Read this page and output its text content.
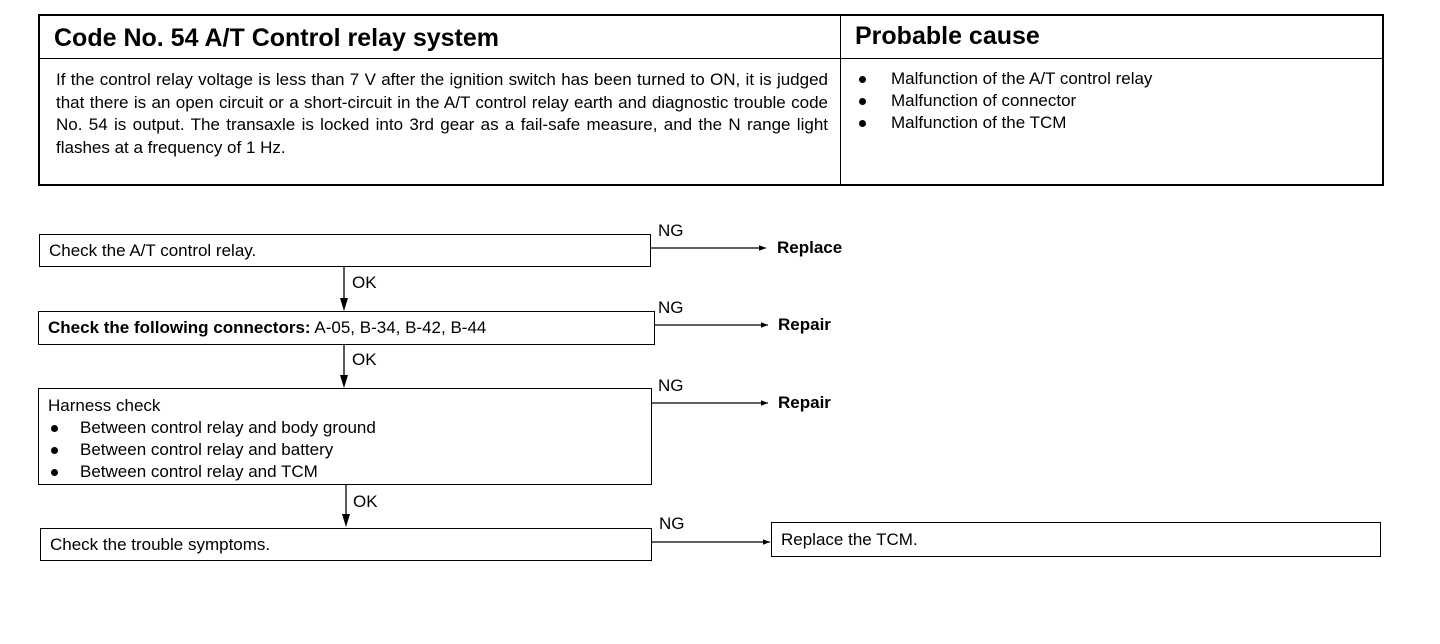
Code No. 54 A/T Control relay system	Probable cause
If the control relay voltage is less than 7 V after the ignition switch has been turned to ON, it is judged that there is an open circuit or a short-circuit in the A/T control relay earth and diagnostic trouble code No. 54 is output. The transaxle is locked into 3rd gear as a fail-safe measure, and the N range light flashes at a frequency of 1 Hz.
Malfunction of the A/T control relay
Malfunction of connector
Malfunction of the TCM
Check the A/T control relay.
NG
Replace
OK
Check the following connectors: A-05, B-34, B-42, B-44
NG
Repair
OK
Harness check
Between control relay and body ground
Between control relay and battery
Between control relay and TCM
NG
Repair
OK
Check the trouble symptoms.
NG
Replace the TCM.
